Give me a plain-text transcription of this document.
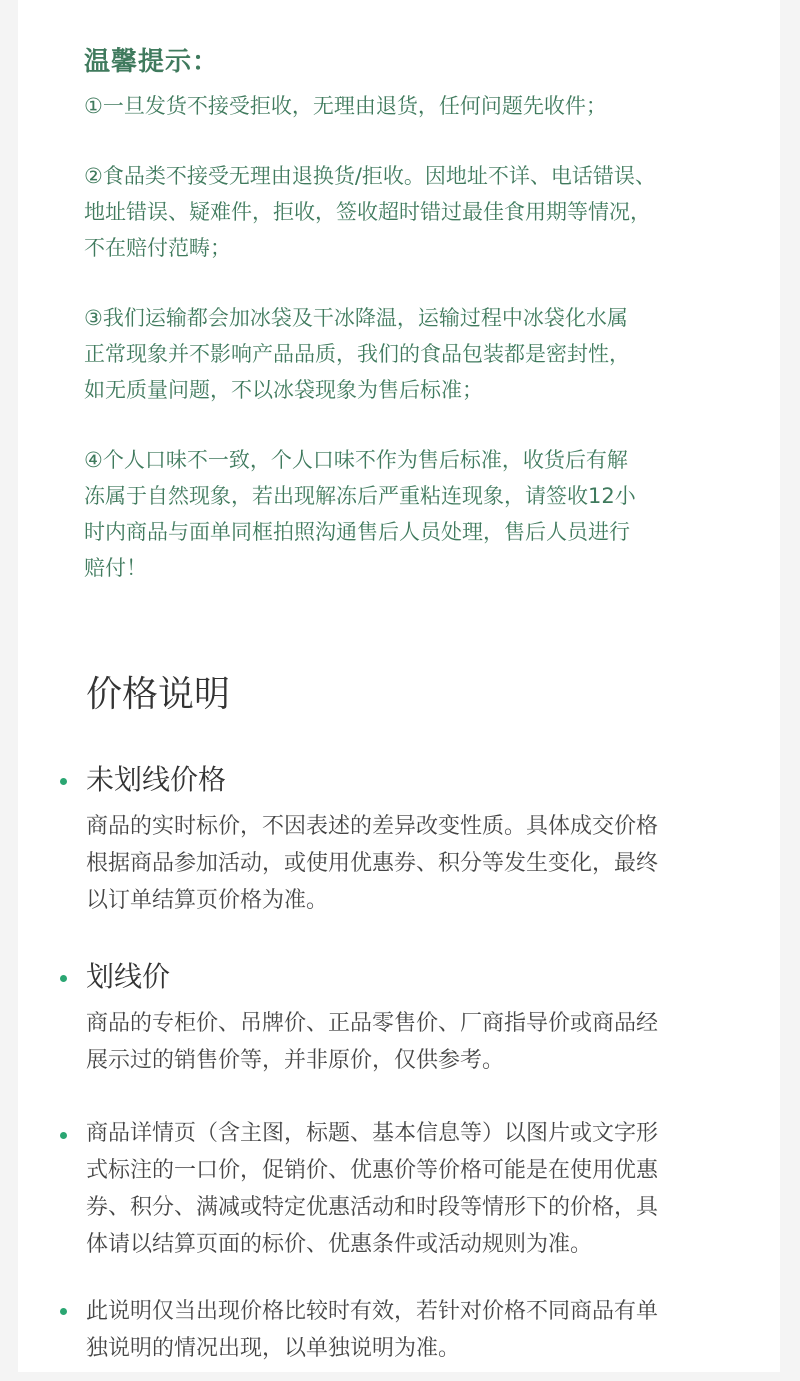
温馨提示：
①一旦发货不接受拒收，无理由退货，任何问题先收件；
②食品类不接受无理由退换货/拒收。因地址不详、电话错误、
地址错误、疑难件，拒收，签收超时错过最佳食用期等情况，
不在赔付范畴；
③我们运输都会加冰袋及干冰降温，运输过程中冰袋化水属
正常现象并不影响产品品质，我们的食品包装都是密封性，
如无质量问题，不以冰袋现象为售后标准；
④个人口味不一致，个人口味不作为售后标准，收货后有解
冻属于自然现象，若出现解冻后严重粘连现象，请签收12小
时内商品与面单同框拍照沟通售后人员处理，售后人员进行
赔付！
价格说明
未划线价格
商品的实时标价，不因表述的差异改变性质。具体成交价格
根据商品参加活动，或使用优惠券、积分等发生变化，最终
以订单结算页价格为准。
划线价
商品的专柜价、吊牌价、正品零售价、厂商指导价或商品经
展示过的销售价等，并非原价，仅供参考。
商品详情页（含主图，标题、基本信息等）以图片或文字形
式标注的一口价，促销价、优惠价等价格可能是在使用优惠
券、积分、满减或特定优惠活动和时段等情形下的价格，具
体请以结算页面的标价、优惠条件或活动规则为准。
此说明仅当出现价格比较时有效，若针对价格不同商品有单
独说明的情况出现，以单独说明为准。
